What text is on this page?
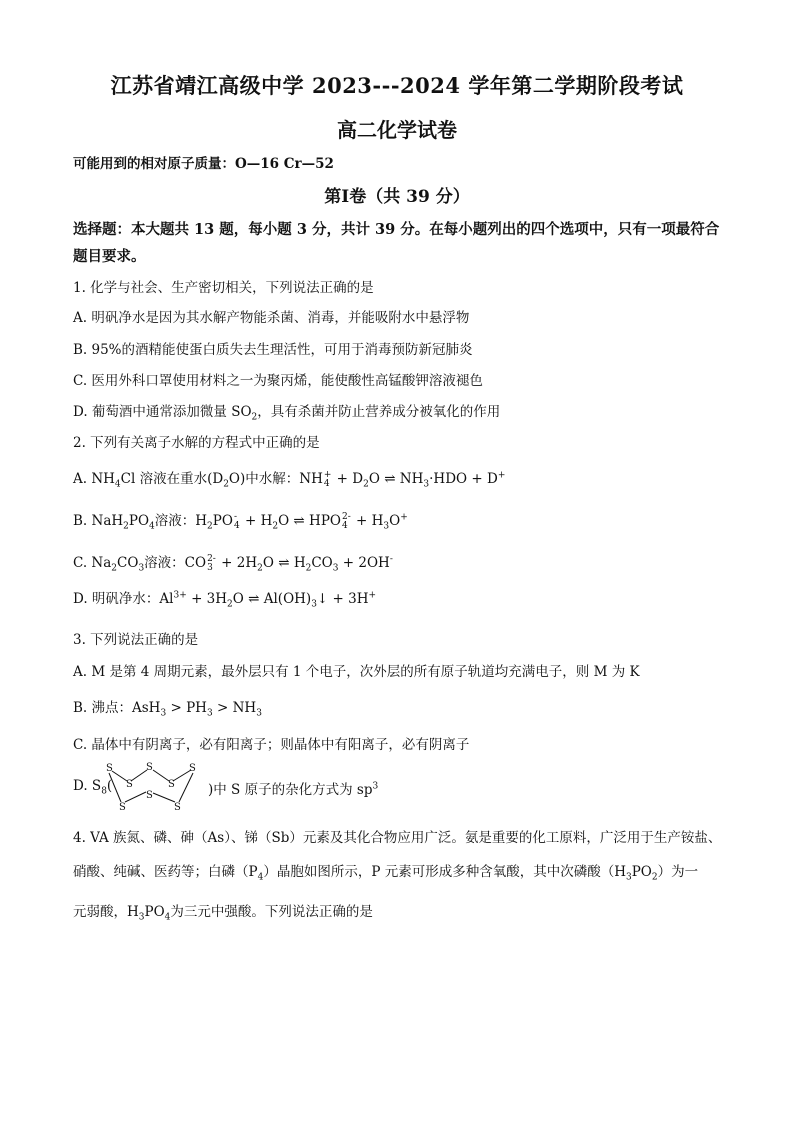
江苏省靖江高级中学 2023---2024 学年第二学期阶段考试
高二化学试卷
可能用到的相对原子质量：O—16 Cr—52
第Ⅰ卷（共 39 分）
选择题：本大题共 13 题，每小题 3 分，共计 39 分。在每小题列出的四个选项中，只有一项最符合题目要求。
1. 化学与社会、生产密切相关，下列说法正确的是
A. 明矾净水是因为其水解产物能杀菌、消毒，并能吸附水中悬浮物
B. 95%的酒精能使蛋白质失去生理活性，可用于消毒预防新冠肺炎
C. 医用外科口罩使用材料之一为聚丙烯，能使酸性高锰酸钾溶液褪色
D. 葡萄酒中通常添加微量 $SO_2$，具有杀菌并防止营养成分被氧化的作用
2. 下列有关离子水解的方程式中正确的是
A. $NH_4Cl$ 溶液在重水$(D_2O)$中水解：NH +
$4 + D_2O$ ⇌ $NH_3\cdot HDO + D^+$
B. $NaH_2PO_4$溶液：$H_2PO$ -
$4 + H_2O$ ⇌ HPO 2-
$4 + H_3O^+$
C. $Na_2CO_3$溶液：CO 2-
$3 + 2H_2O$ ⇌ $H_2CO_3 + 2OH^-$
D. 明矾净水：$Al^{3+} + 3H_2O$ ⇌ $Al(OH)_3↓ + 3H^+$
3. 下列说法正确的是
A. M 是第 4 周期元素，最外层只有 1 个电子，次外层的所有原子轨道均充满电子，则 M 为 K
B. 沸点：$AsH_3 > PH_3 > NH_3$
C. 晶体中有阴离子，必有阳离子；则晶体中有阳离子，必有阴离子
D. $S_8$(
S
S
S
S
S
S
S
S
)中 S 原子的杂化方式为 $sp^3$
4. VA 族氮、磷、砷（As）、锑（Sb）元素及其化合物应用广泛。氨是重要的化工原料，广泛用于生产铵盐、
硝酸、纯碱、医药等；白磷$(P_4)$晶胞如图所示，P 元素可形成多种含氧酸，其中次磷酸$(H_3PO_2)$为一
元弱酸，$H_3PO_4$为三元中强酸。下列说法正确的是
